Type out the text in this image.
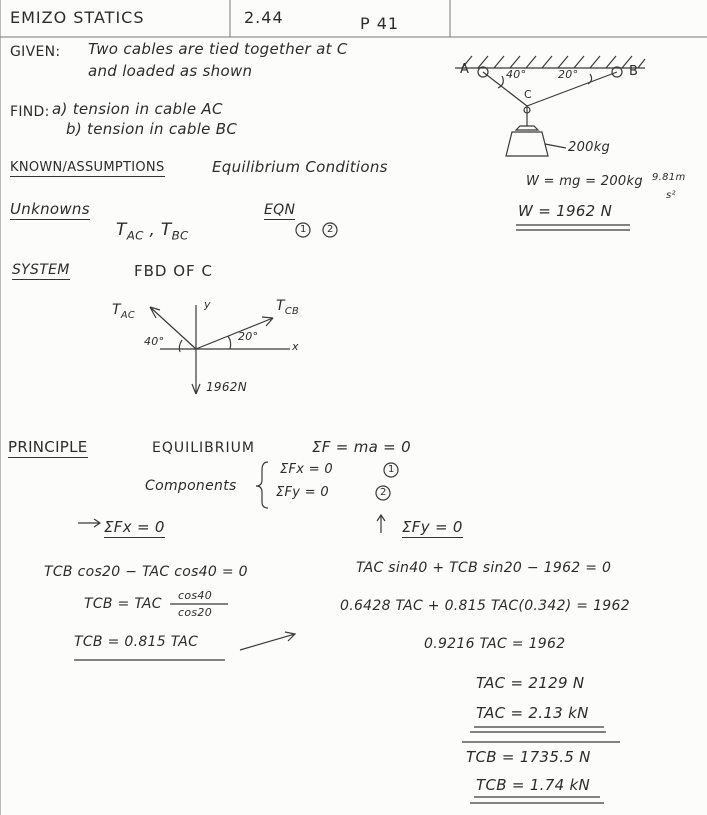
EMIZO STATICS	2.44	P 41
GIVEN: Two cables are tied together at C
and loaded as shown
FIND: a) tension in cable AC
b) tension in cable BC
KNOWN/ASSUMPTIONS	Equilibrium Conditions
Unknowns
$T_{AC}$ , $T_{BC}$
EQN
1 2
SYSTEM	FBD OF C
A	B
C
40°	20°
200kg
W = mg = 200kg 9.81m
s²
W = 1962 N
$T_{AC}$
$T_{CB}$
y
x
40°	20°
1962N
PRINCIPLE	EQUILIBRIUM	ΣF = ma = 0
Components
ΣFx = 0
ΣFy = 0
1
2
ΣFx = 0
TCB cos20 − TAC cos40 = 0
TCB = TAC
cos40
cos20
TCB = 0.815 TAC
ΣFy = 0
TAC sin40 + TCB sin20 − 1962 = 0
0.6428 TAC + 0.815 TAC(0.342) = 1962
0.9216 TAC = 1962
TAC = 2129 N
TAC = 2.13 kN
TCB = 1735.5 N
TCB = 1.74 kN
